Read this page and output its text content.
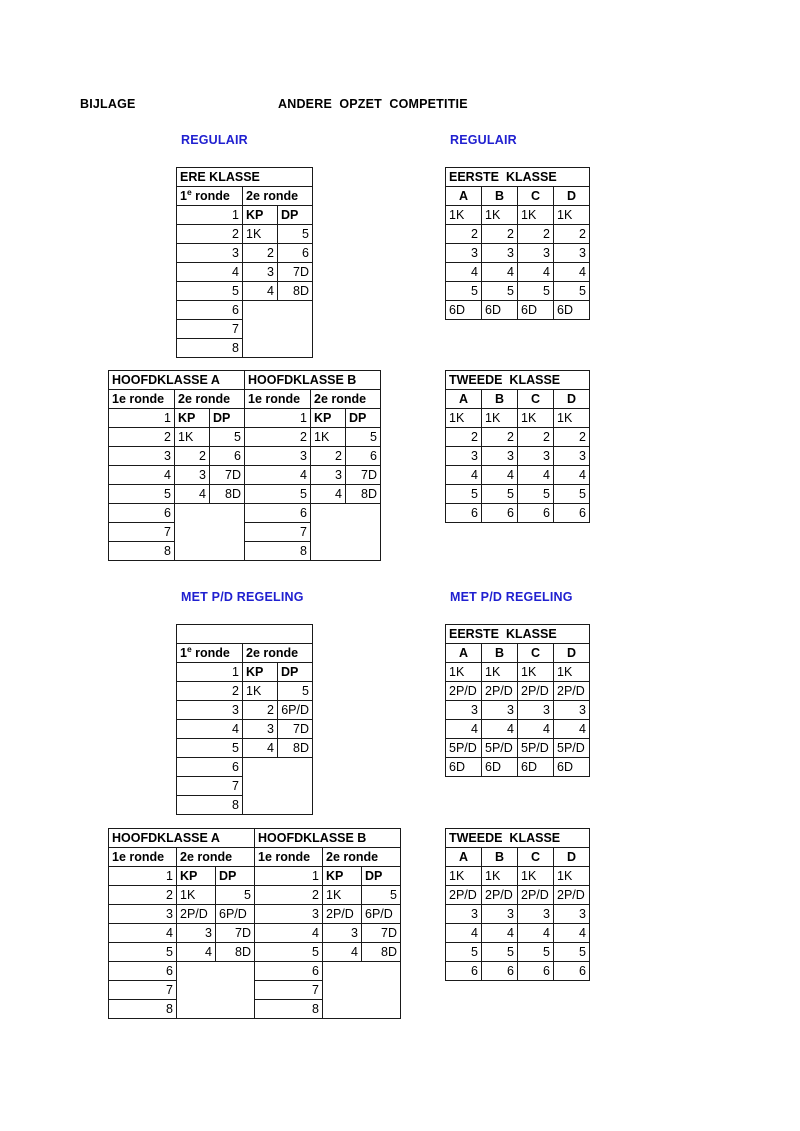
BIJLAGE	ANDERE  OPZET  COMPETITIE
REGULAIR	REGULAIR
MET P/D REGELING	MET P/D REGELING
ERE KLASSE		
1e ronde	2e ronde	
1	KP	DP
2	1K	5
3	2	6
4	3	7D
5	4	8D
6		
7		
8		
EERSTE  KLASSE			
A	B	C	D
1K	1K	1K	1K
2	2	2	2
3	3	3	3
4	4	4	4
5	5	5	5
6D	6D	6D	6D
HOOFDKLASSE A			HOOFDKLASSE B		
1e ronde	2e ronde		1e ronde	2e ronde	
1	KP	DP	1	KP	DP
2	1K	5	2	1K	5
3	2	6	3	2	6
4	3	7D	4	3	7D
5	4	8D	5	4	8D
6			6		
7			7		
8			8		
TWEEDE  KLASSE			
A	B	C	D
1K	1K	1K	1K
2	2	2	2
3	3	3	3
4	4	4	4
5	5	5	5
6	6	6	6

1e ronde	2e ronde	
1	KP	DP
2	1K	5
3	2	6P/D
4	3	7D
5	4	8D
6		
7		
8		
EERSTE  KLASSE			
A	B	C	D
1K	1K	1K	1K
2P/D	2P/D	2P/D	2P/D
3	3	3	3
4	4	4	4
5P/D	5P/D	5P/D	5P/D
6D	6D	6D	6D
HOOFDKLASSE A			HOOFDKLASSE B		
1e ronde	2e ronde		1e ronde	2e ronde	
1	KP	DP	1	KP	DP
2	1K	5	2	1K	5
3	2P/D	6P/D	3	2P/D	6P/D
4	3	7D	4	3	7D
5	4	8D	5	4	8D
6			6		
7			7		
8			8		
TWEEDE  KLASSE			
A	B	C	D
1K	1K	1K	1K
2P/D	2P/D	2P/D	2P/D
3	3	3	3
4	4	4	4
5	5	5	5
6	6	6	6
